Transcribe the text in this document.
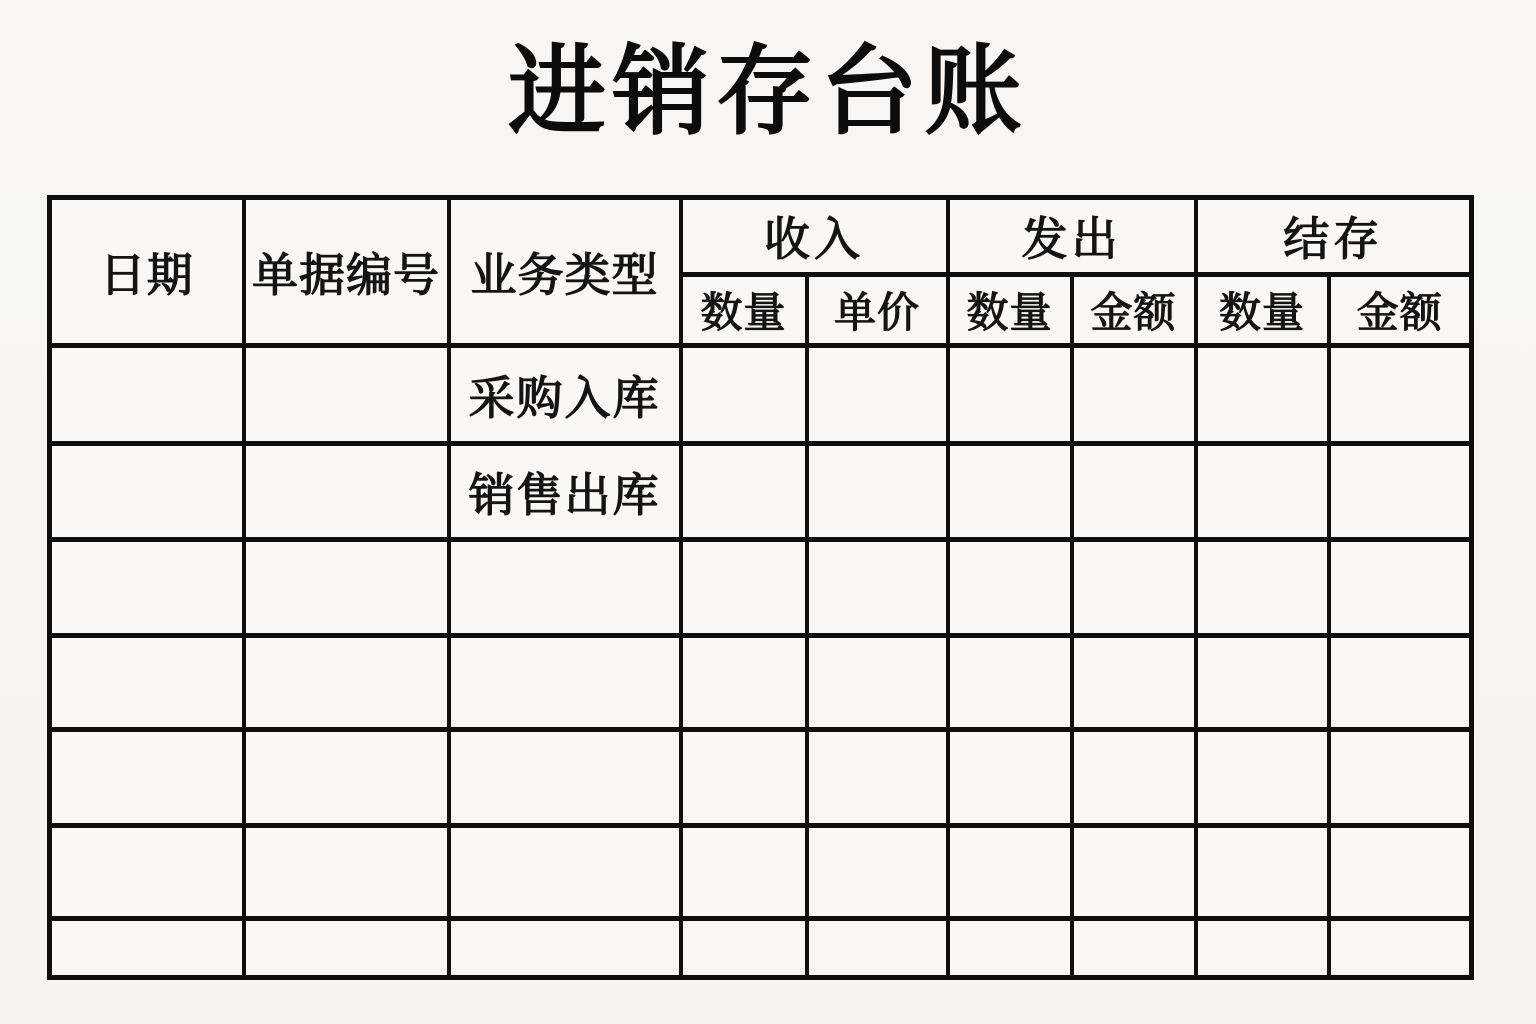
进销存台账
日期	单据编号	业务类型	收入		发出		结存	
			数量	单价	数量	金额	数量	金额
		采购入库						
		销售出库						
